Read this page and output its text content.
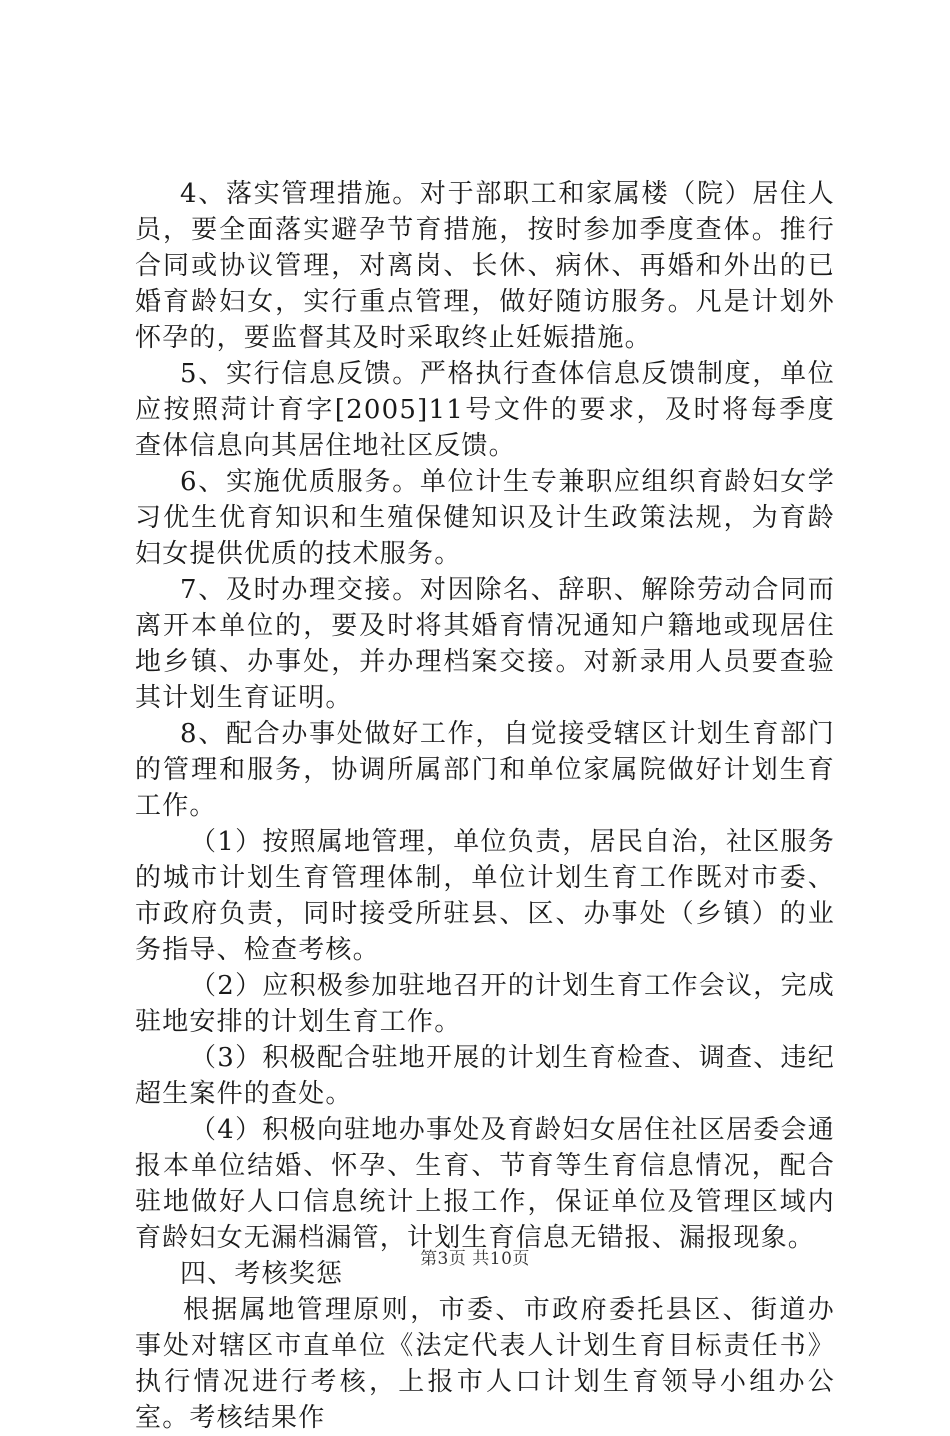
4、落实管理措施。对于部职工和家属楼（院）居住人员，要全面落实避孕节育措施，按时参加季度查体。推行合同或协议管理，对离岗、长休、病休、再婚和外出的已婚育龄妇女，实行重点管理，做好随访服务。凡是计划外怀孕的，要监督其及时采取终止妊娠措施。

5、实行信息反馈。严格执行查体信息反馈制度，单位应按照菏计育字[2005]11号文件的要求，及时将每季度查体信息向其居住地社区反馈。

6、实施优质服务。单位计生专兼职应组织育龄妇女学习优生优育知识和生殖保健知识及计生政策法规，为育龄妇女提供优质的技术服务。

7、及时办理交接。对因除名、辞职、解除劳动合同而离开本单位的，要及时将其婚育情况通知户籍地或现居住地乡镇、办事处，并办理档案交接。对新录用人员要查验其计划生育证明。

8、配合办事处做好工作，自觉接受辖区计划生育部门的管理和服务，协调所属部门和单位家属院做好计划生育工作。

（1）按照属地管理，单位负责，居民自治，社区服务的城市计划生育管理体制，单位计划生育工作既对市委、市政府负责，同时接受所驻县、区、办事处（乡镇）的业务指导、检查考核。

（2）应积极参加驻地召开的计划生育工作会议，完成驻地安排的计划生育工作。

（3）积极配合驻地开展的计划生育检查、调查、违纪超生案件的查处。

（4）积极向驻地办事处及育龄妇女居住社区居委会通报本单位结婚、怀孕、生育、节育等生育信息情况，配合驻地做好人口信息统计上报工作，保证单位及管理区域内育龄妇女无漏档漏管，计划生育信息无错报、漏报现象。

四、考核奖惩

根据属地管理原则，市委、市政府委托县区、街道办事处对辖区市直单位《法定代表人计划生育目标责任书》执行情况进行考核，上报市人口计划生育领导小组办公室。考核结果作

第3页 共10页
